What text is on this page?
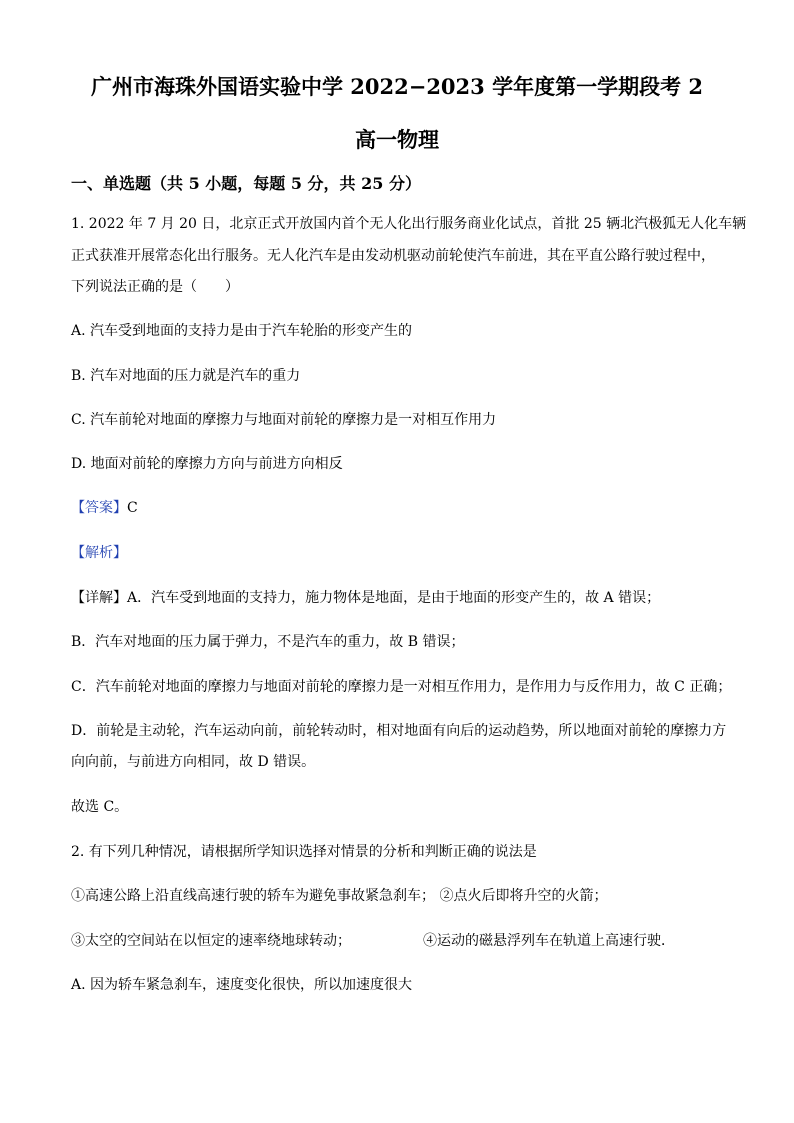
广州市海珠外国语实验中学 2022−2023 学年度第一学期段考 2
高一物理
一、单选题（共 5 小题，每题 5 分，共 25 分）
1. 2022 年 7 月 20 日，北京正式开放国内首个无人化出行服务商业化试点，首批 25 辆北汽极狐无人化车辆
正式获准开展常态化出行服务。无人化汽车是由发动机驱动前轮使汽车前进，其在平直公路行驶过程中，
下列说法正确的是（　　）
A. 汽车受到地面的支持力是由于汽车轮胎的形变产生的
B. 汽车对地面的压力就是汽车的重力
C. 汽车前轮对地面的摩擦力与地面对前轮的摩擦力是一对相互作用力
D. 地面对前轮的摩擦力方向与前进方向相反
【答案】C
【解析】
【详解】A．汽车受到地面的支持力，施力物体是地面，是由于地面的形变产生的，故 A 错误；
B．汽车对地面的压力属于弹力，不是汽车的重力，故 B 错误；
C．汽车前轮对地面的摩擦力与地面对前轮的摩擦力是一对相互作用力，是作用力与反作用力，故 C 正确；
D．前轮是主动轮，汽车运动向前，前轮转动时，相对地面有向后的运动趋势，所以地面对前轮的摩擦力方
向向前，与前进方向相同，故 D 错误。
故选 C。
2. 有下列几种情况，请根据所学知识选择对情景的分析和判断正确的说法是
①高速公路上沿直线高速行驶的轿车为避免事故紧急刹车； ②点火后即将升空的火箭；
③太空的空间站在以恒定的速率绕地球转动；	④运动的磁悬浮列车在轨道上高速行驶．
A. 因为轿车紧急刹车，速度变化很快，所以加速度很大
